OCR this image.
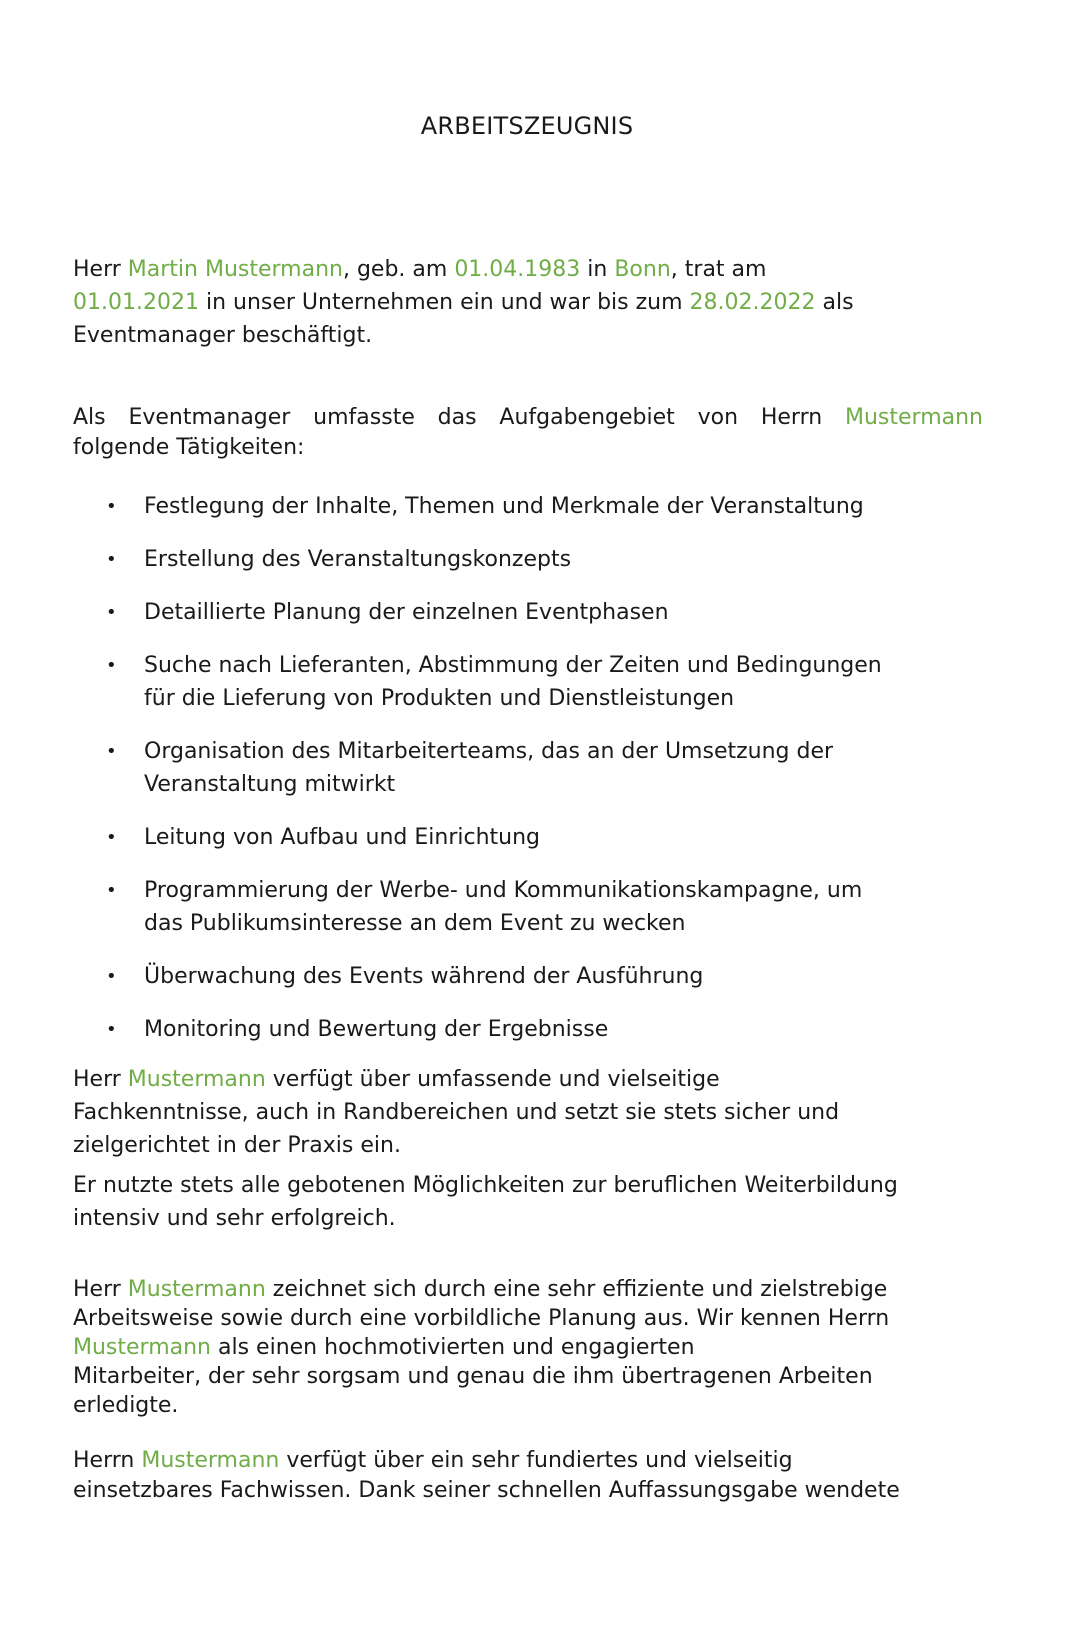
ARBEITSZEUGNIS
Herr Martin Mustermann, geb. am 01.04.1983 in Bonn, trat am
01.01.2021 in unser Unternehmen ein und war bis zum 28.02.2022 als
Eventmanager beschäftigt.
Als Eventmanager umfasste das Aufgabengebiet von Herrn Mustermann
folgende Tätigkeiten:
• Festlegung der Inhalte, Themen und Merkmale der Veranstaltung
• Erstellung des Veranstaltungskonzepts
• Detaillierte Planung der einzelnen Eventphasen
• Suche nach Lieferanten, Abstimmung der Zeiten und Bedingungen
für die Lieferung von Produkten und Dienstleistungen
• Organisation des Mitarbeiterteams, das an der Umsetzung der
Veranstaltung mitwirkt
• Leitung von Aufbau und Einrichtung
• Programmierung der Werbe- und Kommunikationskampagne, um
das Publikumsinteresse an dem Event zu wecken
• Überwachung des Events während der Ausführung
• Monitoring und Bewertung der Ergebnisse
Herr Mustermann verfügt über umfassende und vielseitige
Fachkenntnisse, auch in Randbereichen und setzt sie stets sicher und
zielgerichtet in der Praxis ein.
Er nutzte stets alle gebotenen Möglichkeiten zur beruflichen Weiterbildung
intensiv und sehr erfolgreich.
Herr Mustermann zeichnet sich durch eine sehr effiziente und zielstrebige
Arbeitsweise sowie durch eine vorbildliche Planung aus. Wir kennen Herrn
Mustermann als einen hochmotivierten und engagierten
Mitarbeiter, der sehr sorgsam und genau die ihm übertragenen Arbeiten
erledigte.
Herrn Mustermann verfügt über ein sehr fundiertes und vielseitig
einsetzbares Fachwissen. Dank seiner schnellen Auffassungsgabe wendete
